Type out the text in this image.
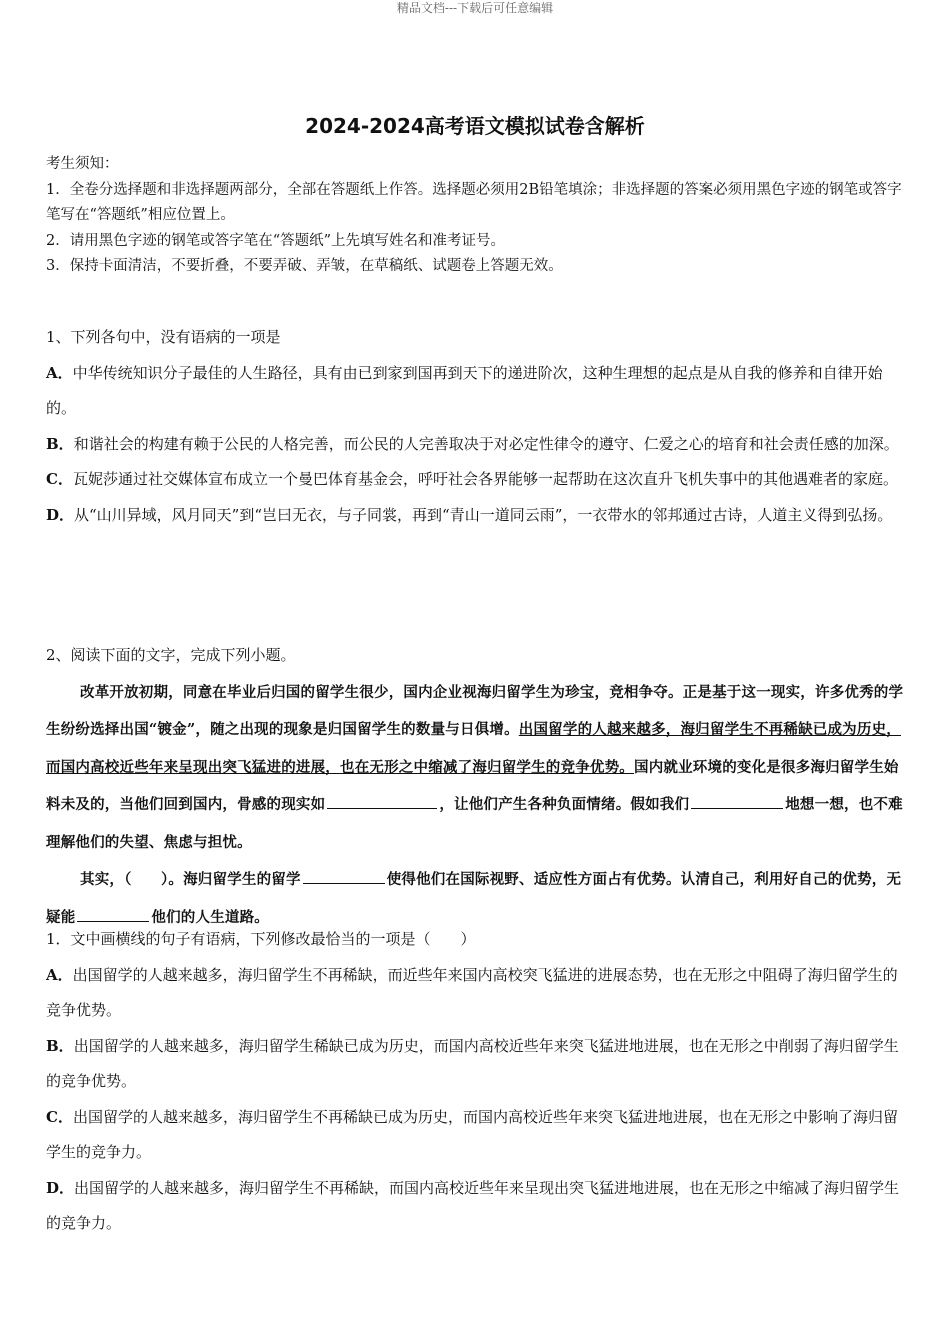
精品文档---下载后可任意编辑
2024-2024高考语文模拟试卷含解析
考生须知：
1．全卷分选择题和非选择题两部分，全部在答题纸上作答。选择题必须用2B铅笔填涂；非选择题的答案必须用黑色字迹的钢笔或答字笔写在“答题纸”相应位置上。
2．请用黑色字迹的钢笔或答字笔在“答题纸”上先填写姓名和准考证号。
3．保持卡面清洁，不要折叠，不要弄破、弄皱，在草稿纸、试题卷上答题无效。
1、下列各句中，没有语病的一项是
A．中华传统知识分子最佳的人生路径，具有由已到家到国再到天下的递进阶次，这种生理想的起点是从自我的修养和自律开始的。
B．和谐社会的构建有赖于公民的人格完善，而公民的人完善取决于对必定性律令的遵守、仁爱之心的培育和社会责任感的加深。
C．瓦妮莎通过社交媒体宣布成立一个曼巴体育基金会，呼吁社会各界能够一起帮助在这次直升飞机失事中的其他遇难者的家庭。
D．从“山川异域，风月同天”到“岂曰无衣，与子同裳，再到“青山一道同云雨”，一衣带水的邻邦通过古诗，人道主义得到弘扬。
2、阅读下面的文字，完成下列小题。
改革开放初期，同意在毕业后归国的留学生很少，国内企业视海归留学生为珍宝，竞相争夺。正是基于这一现实，许多优秀的学生纷纷选择出国“镀金”，随之出现的现象是归国留学生的数量与日俱增。出国留学的人越来越多，海归留学生不再稀缺已成为历史，而国内高校近些年来呈现出突飞猛进的进展，也在无形之中缩减了海归留学生的竞争优势。国内就业环境的变化是很多海归留学生始料未及的，当他们回到国内，骨感的现实如	，让他们产生各种负面情绪。假如我们	地想一想，也不难理解他们的失望、焦虑与担忧。
其实，（　　）。海归留学生的留学	使得他们在国际视野、适应性方面占有优势。认清自己，利用好自己的优势，无疑能	他们的人生道路。
1．文中画横线的句子有语病，下列修改最恰当的一项是（　　）
A．出国留学的人越来越多，海归留学生不再稀缺，而近些年来国内高校突飞猛进的进展态势，也在无形之中阻碍了海归留学生的竞争优势。
B．出国留学的人越来越多，海归留学生稀缺已成为历史，而国内高校近些年来突飞猛进地进展，也在无形之中削弱了海归留学生的竞争优势。
C．出国留学的人越来越多，海归留学生不再稀缺已成为历史，而国内高校近些年来突飞猛进地进展，也在无形之中影响了海归留学生的竞争力。
D．出国留学的人越来越多，海归留学生不再稀缺，而国内高校近些年来呈现出突飞猛进地进展，也在无形之中缩减了海归留学生的竞争力。
